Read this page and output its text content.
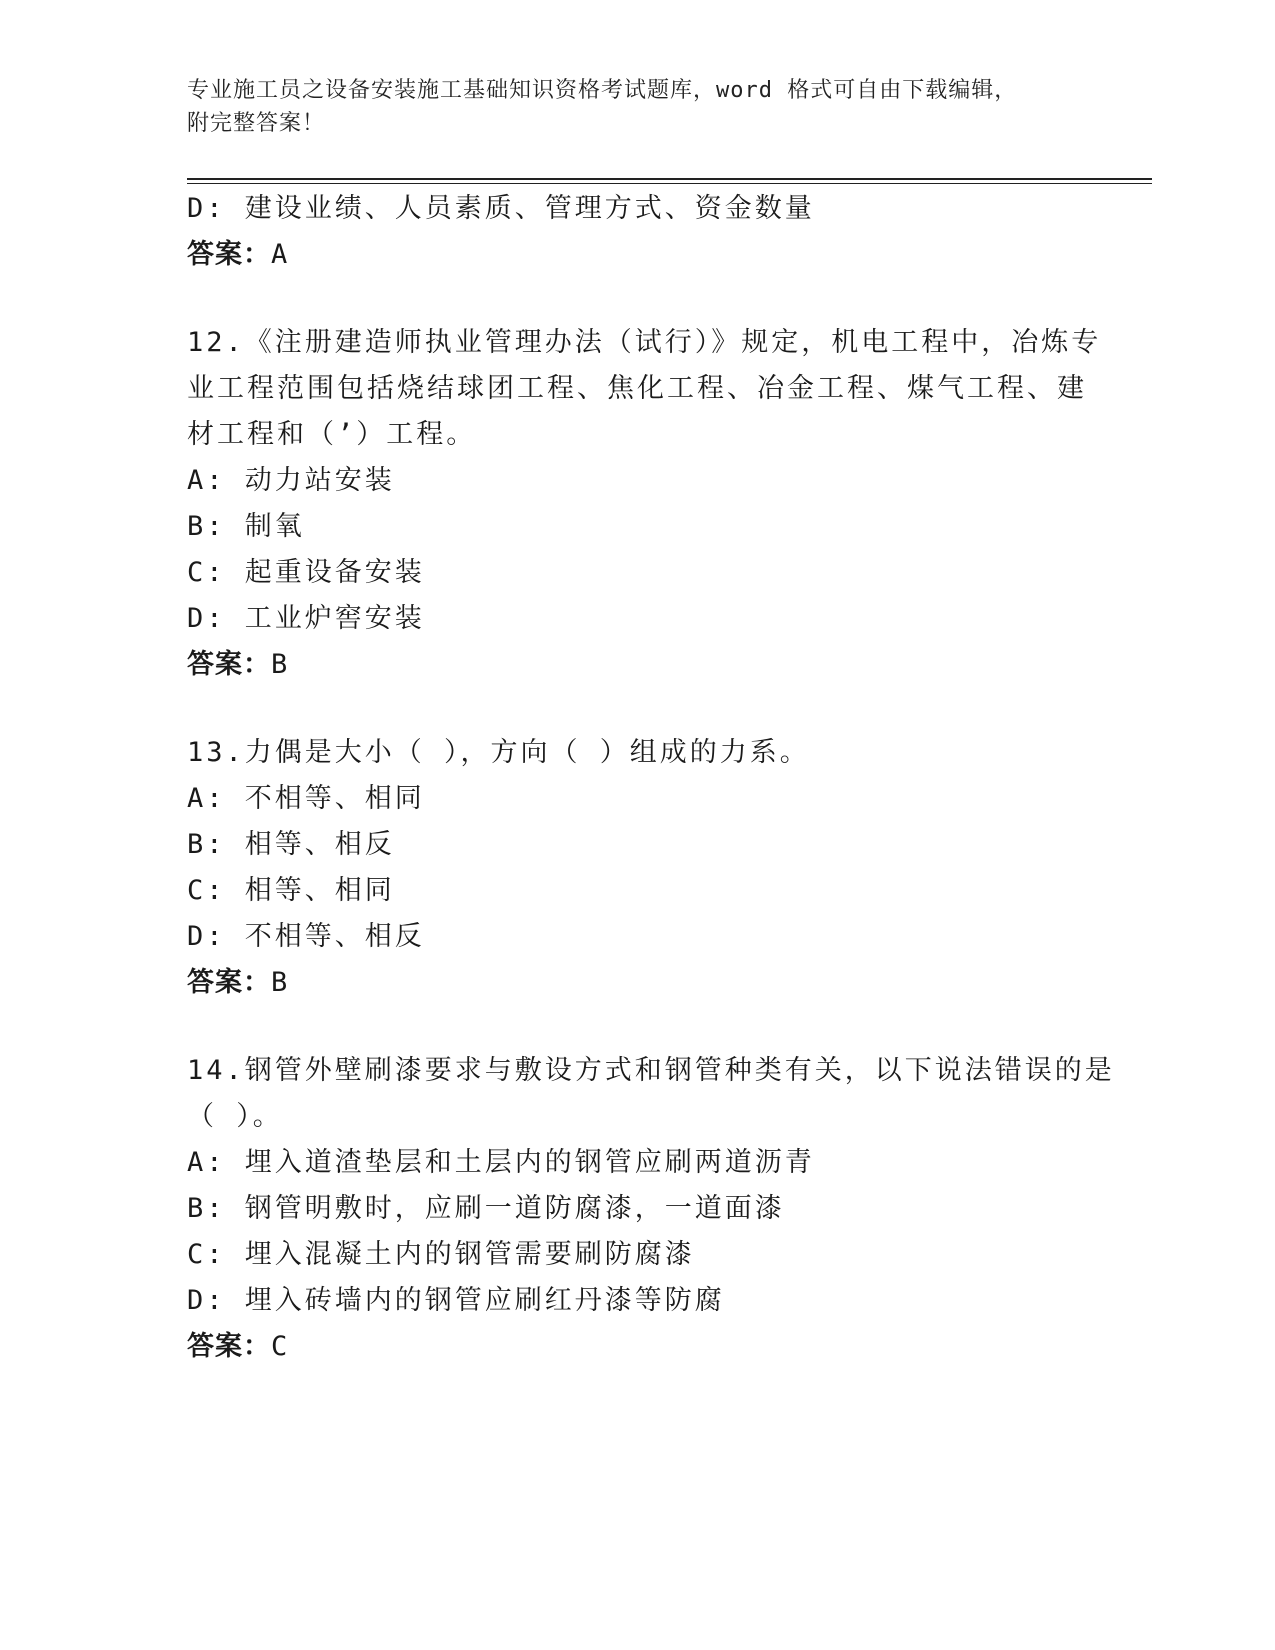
专业施工员之设备安装施工基础知识资格考试题库，word 格式可自由下载编辑，
附完整答案！
D: 建设业绩、人员素质、管理方式、资金数量
答案：A
12.《注册建造师执业管理办法（试行）》规定，机电工程中，冶炼专
业工程范围包括烧结球团工程、焦化工程、冶金工程、煤气工程、建
材工程和（’）工程。
A: 动力站安装
B: 制氧
C: 起重设备安装
D: 工业炉窖安装
答案：B
13.力偶是大小（ ），方向（ ）组成的力系。
A: 不相等、相同
B: 相等、相反
C: 相等、相同
D: 不相等、相反
答案：B
14.钢管外壁刷漆要求与敷设方式和钢管种类有关，以下说法错误的是
（ ）。
A: 埋入道渣垫层和土层内的钢管应刷两道沥青
B: 钢管明敷时，应刷一道防腐漆，一道面漆
C: 埋入混凝土内的钢管需要刷防腐漆
D: 埋入砖墙内的钢管应刷红丹漆等防腐
答案：C
